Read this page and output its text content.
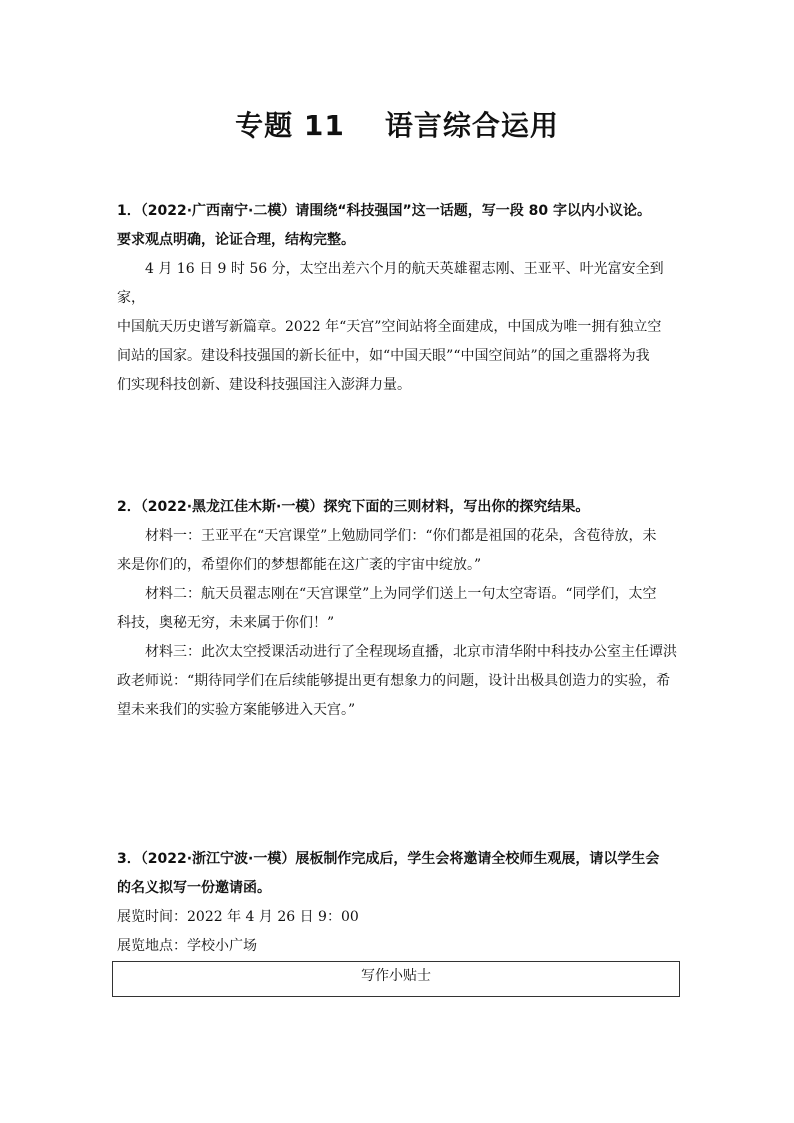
专题 11 语言综合运用

1．（2022·广西南宁·二模）请围绕“科技强国”这一话题，写一段 80 字以内小议论。

要求观点明确，论证合理，结构完整。

4 月 16 日 9 时 56 分，太空出差六个月的航天英雄翟志刚、王亚平、叶光富安全到家，

中国航天历史谱写新篇章。2022 年“天宫”空间站将全面建成，中国成为唯一拥有独立空

间站的国家。建设科技强国的新长征中，如“中国天眼”“中国空间站”的国之重器将为我

们实现科技创新、建设科技强国注入澎湃力量。

2．（2022·黑龙江佳木斯·一模）探究下面的三则材料，写出你的探究结果。

材料一：王亚平在“天宫课堂”上勉励同学们：“你们都是祖国的花朵，含苞待放，未

来是你们的，希望你们的梦想都能在这广袤的宇宙中绽放。”

材料二：航天员翟志刚在“天宫课堂”上为同学们送上一句太空寄语。“同学们，太空

科技，奥秘无穷，未来属于你们！”

材料三：此次太空授课活动进行了全程现场直播，北京市清华附中科技办公室主任谭洪

政老师说：“期待同学们在后续能够提出更有想象力的问题，设计出极具创造力的实验，希

望未来我们的实验方案能够进入天宫。”

3．（2022·浙江宁波·一模）展板制作完成后，学生会将邀请全校师生观展，请以学生会

的名义拟写一份邀请函。

展览时间：2022 年 4 月 26 日 9：00

展览地点：学校小广场

写作小贴士
